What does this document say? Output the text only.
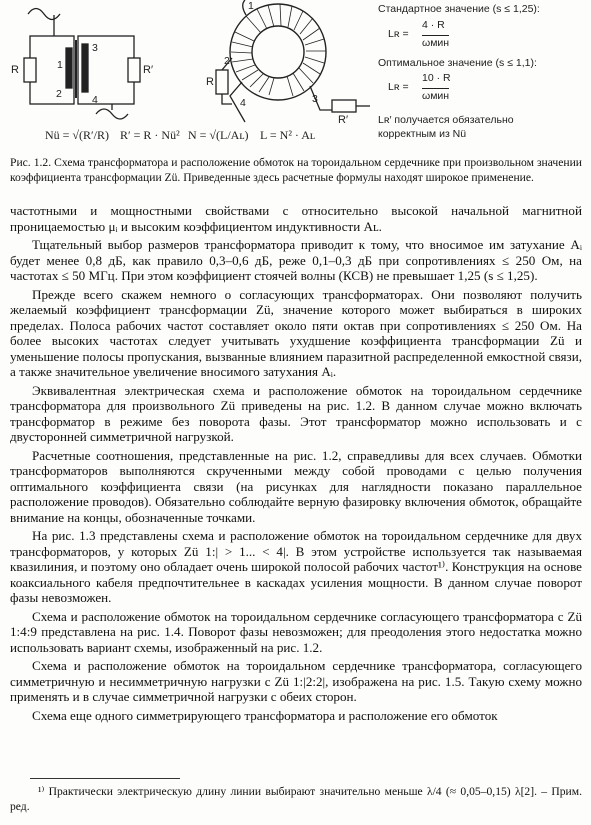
R	R′
1
2
3
4
1
2
4	3
R
R′
Nü = √(R′/R) R′ = R · Nü² N = √(L/Aʟ) L = N² · Aʟ
Стандартное значение (s ≤ 1,25):
Lʀ =
4 · R
ωмин
Оптимальное значение (s ≤ 1,1):
Lʀ =
10 · R
ωмин
Lʀ′ получается обязательно
корректным из Nü
Рис. 1.2. Схема трансформатора и расположение обмоток на тороидальном сердечнике при произвольном значении коэффициента трансформации Zü. Приведенные здесь расчетные формулы находят широкое применение.

частотными и мощностными свойствами с относительно высокой начальной магнитной проницаемостью μᵢ и высоким коэффициентом индуктивности Aʟ.

Тщательный выбор размеров трансформатора приводит к тому, что вносимое им затухание Aᵢ будет менее 0,8 дБ, как правило 0,3–0,6 дБ, реже 0,1–0,3 дБ при сопротивлениях ≤ 250 Ом, на частотах ≤ 50 МГц. При этом коэффициент стоячей волны (КСВ) не превышает 1,25 (s ≤ 1,25).

Прежде всего скажем немного о согласующих трансформаторах. Они позволяют получить желаемый коэффициент трансформации Zü, значение которого может выбираться в широких пределах. Полоса рабочих частот составляет около пяти октав при сопротивлениях ≤ 250 Ом. На более высоких частотах следует учитывать ухудшение коэффициента трансформации Zü и уменьшение полосы пропускания, вызванные влиянием паразитной распределенной емкостной связи, а также значительное увеличение вносимого затухания Aᵢ.

Эквивалентная электрическая схема и расположение обмоток на тороидальном сердечнике трансформатора для произвольного Zü приведены на рис. 1.2. В данном случае можно включать трансформатор в режиме без поворота фазы. Этот трансформатор можно использовать и с двусторонней симметричной нагрузкой.

Расчетные соотношения, представленные на рис. 1.2, справедливы для всех случаев. Обмотки трансформаторов выполняются скрученными между собой проводами с целью получения оптимального коэффициента связи (на рисунках для наглядности показано параллельное расположение проводов). Обязательно соблюдайте верную фазировку включения обмоток, обращайте внимание на концы, обозначенные точками.

На рис. 1.3 представлены схема и расположение обмоток на тороидальном сердечнике для двух трансформаторов, у которых Zü 1:| > 1... < 4|. В этом устройстве используется так называемая квазилиния, и поэтому оно обладает очень широкой полосой рабочих частот¹⁾. Конструкция на основе коаксиального кабеля предпочтительнее в каскадах усиления мощности. В данном случае поворот фазы невозможен.

Схема и расположение обмоток на тороидальном сердечнике согласующего трансформатора с Zü 1:4:9 представлена на рис. 1.4. Поворот фазы невозможен; для преодоления этого недостатка можно использовать вариант схемы, изображенный на рис. 1.2.

Схема и расположение обмоток на тороидальном сердечнике трансформатора, согласующего симметричную и несимметричную нагрузки с Zü 1:|2:2|, изображена на рис. 1.5. Такую схему можно применять и в случае симметричной нагрузки с обеих сторон.

Схема еще одного симметрирующего трансформатора и расположение его обмоток

¹⁾ Практически электрическую длину линии выбирают значительно меньше λ/4 (≈ 0,05–0,15) λ[2]. – Прим. ред.
